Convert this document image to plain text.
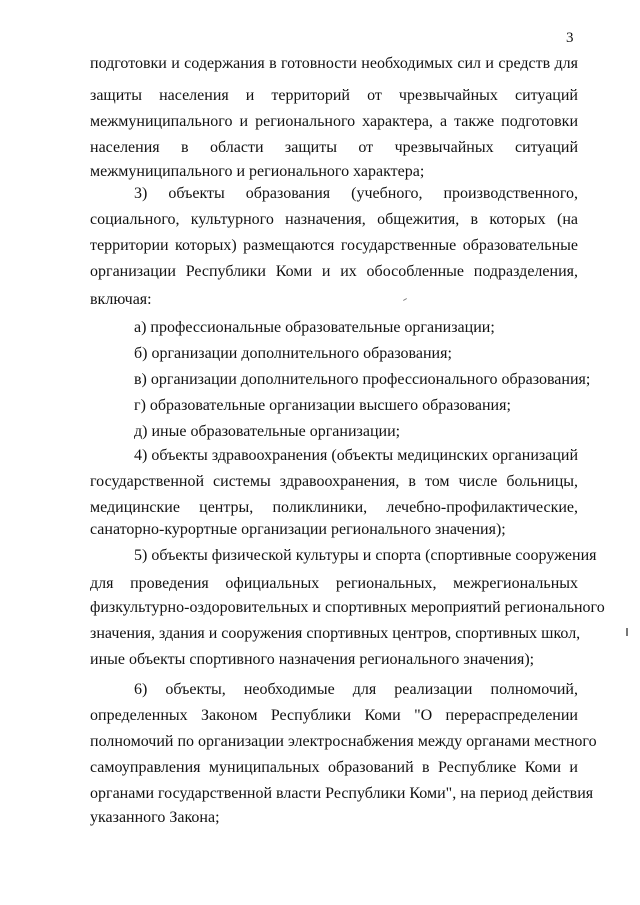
3
подготовки и содержания в готовности необходимых сил и средств для
защиты населения и территорий от чрезвычайных ситуаций
межмуниципального и регионального характера, а также подготовки
населения в области защиты от чрезвычайных ситуаций
межмуниципального и регионального характера;
3) объекты образования (учебного, производственного,
социального, культурного назначения, общежития, в которых (на
территории которых) размещаются государственные образовательные
организации Республики Коми и их обособленные подразделения,
включая:
а) профессиональные образовательные организации;
б) организации дополнительного образования;
в) организации дополнительного профессионального образования;
г) образовательные организации высшего образования;
д) иные образовательные организации;
4) объекты здравоохранения (объекты медицинских организаций
государственной системы здравоохранения, в том числе больницы,
медицинские центры, поликлиники, лечебно-профилактические,
санаторно-курортные организации регионального значения);
5) объекты физической культуры и спорта (спортивные сооружения
для проведения официальных региональных, межрегиональных
физкультурно-оздоровительных и спортивных мероприятий регионального
значения, здания и сооружения спортивных центров, спортивных школ,
иные объекты спортивного назначения регионального значения);
6) объекты, необходимые для реализации полномочий,
определенных Законом Республики Коми "О перераспределении
полномочий по организации электроснабжения между органами местного
самоуправления муниципальных образований в Республике Коми и
органами государственной власти Республики Коми", на период действия
указанного Закона;
